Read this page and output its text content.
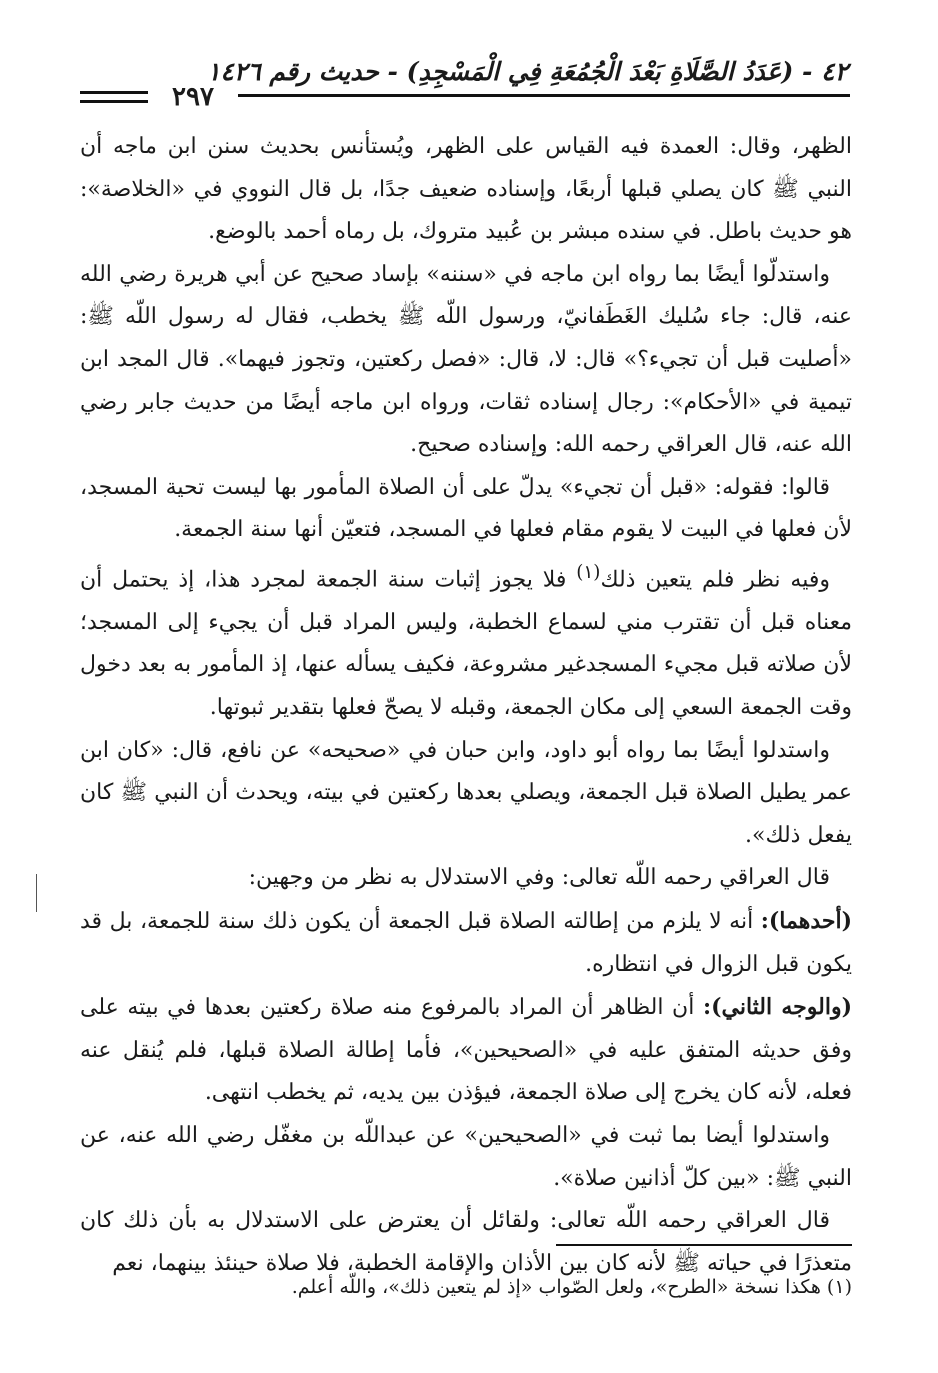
٤٢ - (عَدَدُ الصَّلَاةِ بَعْدَ الْجُمُعَةِ فِي الْمَسْجِدِ) - حديث رقم ١٤٢٦
٢٩٧

الظهر، وقال: العمدة فيه القياس على الظهر، ويُستأنس بحديث سنن ابن ماجه أن النبي ﷺ كان يصلي قبلها أربعًا، وإسناده ضعيف جدًا، بل قال النووي في «الخلاصة»: هو حديث باطل. في سنده مبشر بن عُبيد متروك، بل رماه أحمد بالوضع.

واستدلّوا أيضًا بما رواه ابن ماجه في «سننه» بإساد صحيح عن أبي هريرة رضي الله عنه، قال: جاء سُليك الغَطَفانيّ، ورسول اللّه ﷺ يخطب، فقال له رسول اللّه ﷺ: «أصليت قبل أن تجيء؟» قال: لا، قال: «فصل ركعتين، وتجوز فيهما». قال المجد ابن تيمية في «الأحكام»: رجال إسناده ثقات، ورواه ابن ماجه أيضًا من حديث جابر رضي الله عنه، قال العراقي رحمه الله: وإسناده صحيح.

قالوا: فقوله: «قبل أن تجيء» يدلّ على أن الصلاة المأمور بها ليست تحية المسجد، لأن فعلها في البيت لا يقوم مقام فعلها في المسجد، فتعيّن أنها سنة الجمعة.

وفيه نظر فلم يتعين ذلك$^{(١)}$ فلا يجوز إثبات سنة الجمعة لمجرد هذا، إذ يحتمل أن معناه قبل أن تقترب مني لسماع الخطبة، وليس المراد قبل أن يجيء إلى المسجد؛ لأن صلاته قبل مجيء المسجدغير مشروعة، فكيف يسأله عنها، إذ المأمور به بعد دخول وقت الجمعة السعي إلى مكان الجمعة، وقبله لا يصحّ فعلها بتقدير ثبوتها.

واستدلوا أيضًا بما رواه أبو داود، وابن حبان في «صحيحه» عن نافع، قال: «كان ابن عمر يطيل الصلاة قبل الجمعة، ويصلي بعدها ركعتين في بيته، ويحدث أن النبي ﷺ كان يفعل ذلك».

قال العراقي رحمه اللّه تعالى: وفي الاستدلال به نظر من وجهين:

(أحدهما): أنه لا يلزم من إطالته الصلاة قبل الجمعة أن يكون ذلك سنة للجمعة، بل قد يكون قبل الزوال في انتظاره.

(والوجه الثاني): أن الظاهر أن المراد بالمرفوع منه صلاة ركعتين بعدها في بيته على وفق حديثه المتفق عليه في «الصحيحين»، فأما إطالة الصلاة قبلها، فلم يُنقل عنه فعله، لأنه كان يخرج إلى صلاة الجمعة، فيؤذن بين يديه، ثم يخطب انتهى.

واستدلوا أيضا بما ثبت في «الصحيحين» عن عبداللّه بن مغفّل رضي الله عنه، عن النبي ﷺ: «بين كلّ أذانين صلاة».

قال العراقي رحمه اللّه تعالى: ولقائل أن يعترض على الاستدلال به بأن ذلك كان متعذرًا في حياته ﷺ لأنه كان بين الأذان والإقامة الخطبة، فلا صلاة حينئذ بينهما، نعم

(١) هكذا نسخة «الطرح»، ولعل الصّواب «إذ لم يتعين ذلك»، واللّه أعلم.
